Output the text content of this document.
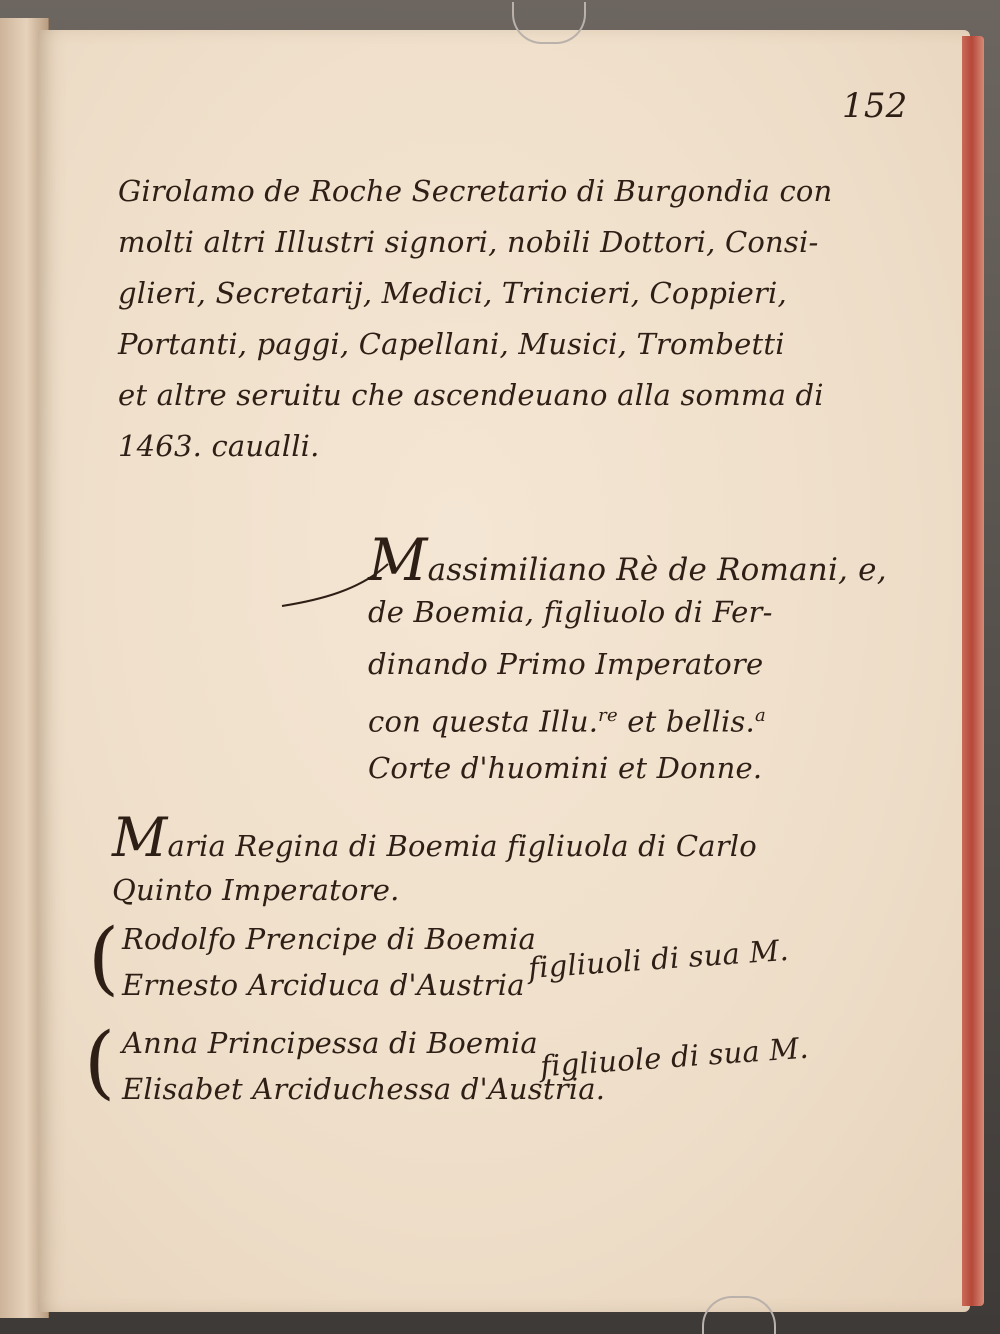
152
Girolamo de Roche Secretario di Burgondia con
molti altri Illustri signori, nobili Dottori, Consi-
glieri, Secretarij, Medici, Trincieri, Coppieri,
Portanti, paggi, Capellani, Musici, Trombetti
et altre seruitu che ascendeuano alla somma di
1463. caualli.
Massimiliano Rè de Romani, e,
de Boemia, figliuolo di Fer-
dinando Primo Imperatore
con questa Illu.$^{re}$ et bellis.$^a$
Corte d'huomini et Donne.
Maria Regina di Boemia figliuola di Carlo
Quinto Imperatore.
( Rodolfo Prencipe di Boemia
Ernesto Arciduca d'Austria figliuoli di sua M.
( Anna Principessa di Boemia
Elisabet Arciduchessa d'Austria.
figliuole di sua M.
